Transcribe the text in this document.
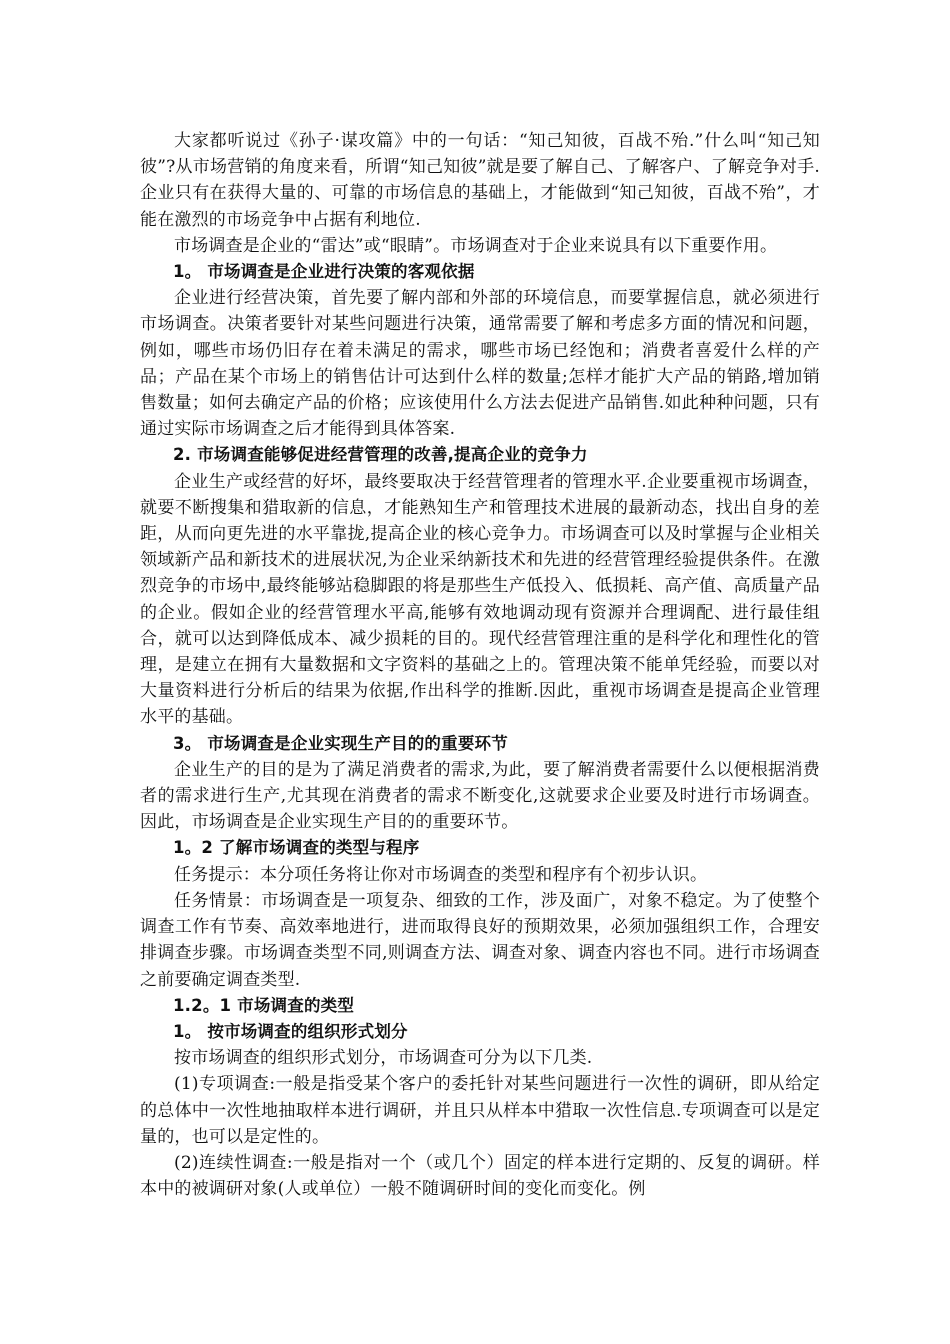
大家都听说过《孙子·谋攻篇》中的一句话：“知己知彼，百战不殆.”什么叫“知己知彼”?从市场营销的角度来看，所谓“知己知彼”就是要了解自己、了解客户、了解竞争对手.企业只有在获得大量的、可靠的市场信息的基础上，才能做到“知己知彼，百战不殆”，才能在激烈的市场竞争中占据有利地位.

市场调查是企业的“雷达”或“眼睛”。市场调查对于企业来说具有以下重要作用。

1。 市场调查是企业进行决策的客观依据

企业进行经营决策，首先要了解内部和外部的环境信息，而要掌握信息，就必须进行市场调查。决策者要针对某些问题进行决策，通常需要了解和考虑多方面的情况和问题，例如，哪些市场仍旧存在着未满足的需求，哪些市场已经饱和；消费者喜爱什么样的产品；产品在某个市场上的销售估计可达到什么样的数量;怎样才能扩大产品的销路,增加销售数量；如何去确定产品的价格；应该使用什么方法去促进产品销售.如此种种问题，只有通过实际市场调查之后才能得到具体答案.

2. 市场调查能够促进经营管理的改善,提高企业的竞争力

企业生产或经营的好坏，最终要取决于经营管理者的管理水平.企业要重视市场调查，就要不断搜集和猎取新的信息，才能熟知生产和管理技术进展的最新动态，找出自身的差距，从而向更先进的水平靠拢,提高企业的核心竞争力。市场调查可以及时掌握与企业相关领域新产品和新技术的进展状况,为企业采纳新技术和先进的经营管理经验提供条件。在激烈竞争的市场中,最终能够站稳脚跟的将是那些生产低投入、低损耗、高产值、高质量产品的企业。假如企业的经营管理水平高,能够有效地调动现有资源并合理调配、进行最佳组合，就可以达到降低成本、减少损耗的目的。现代经营管理注重的是科学化和理性化的管理，是建立在拥有大量数据和文字资料的基础之上的。管理决策不能单凭经验，而要以对大量资料进行分析后的结果为依据,作出科学的推断.因此，重视市场调查是提高企业管理水平的基础。

3。 市场调查是企业实现生产目的的重要环节

企业生产的目的是为了满足消费者的需求,为此，要了解消费者需要什么以便根据消费者的需求进行生产,尤其现在消费者的需求不断变化,这就要求企业要及时进行市场调查。因此，市场调查是企业实现生产目的的重要环节。

1。2 了解市场调查的类型与程序

任务提示：本分项任务将让你对市场调查的类型和程序有个初步认识。

任务情景：市场调查是一项复杂、细致的工作，涉及面广，对象不稳定。为了使整个调查工作有节奏、高效率地进行，进而取得良好的预期效果，必须加强组织工作，合理安排调查步骤。市场调查类型不同,则调查方法、调查对象、调查内容也不同。进行市场调查之前要确定调查类型.

1.2。1 市场调查的类型

1。 按市场调查的组织形式划分

按市场调查的组织形式划分，市场调查可分为以下几类.

(1)专项调查:一般是指受某个客户的委托针对某些问题进行一次性的调研，即从给定的总体中一次性地抽取样本进行调研，并且只从样本中猎取一次性信息.专项调查可以是定量的，也可以是定性的。

(2)连续性调查:一般是指对一个（或几个）固定的样本进行定期的、反复的调研。样本中的被调研对象(人或单位）一般不随调研时间的变化而变化。例
